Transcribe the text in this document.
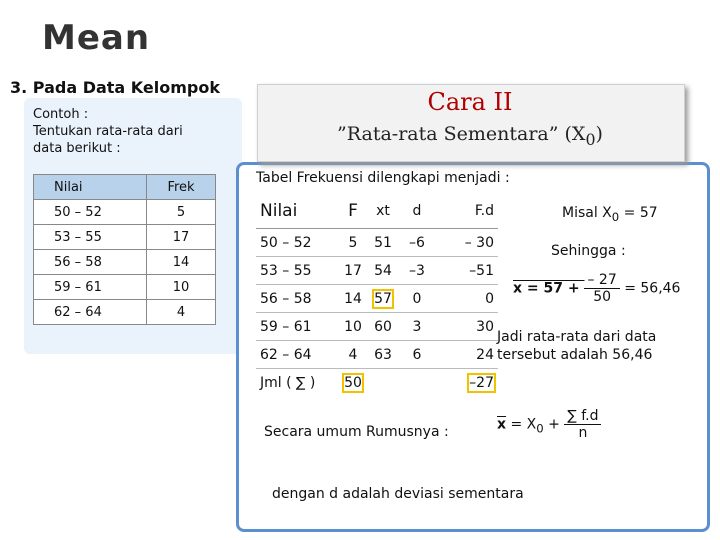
Mean
3. Pada Data Kelompok
Contoh :
Tentukan rata-rata dari
data berikut :
Nilai	Frek
50 – 52	5
53 – 55	17
56 – 58	14
59 – 61	10
62 – 64	4
Cara II
”Rata-rata Sementara” $(X_0)$
Tabel Frekuensi dilengkapi menjadi :
Nilai	F	xt	d	F.d
50 – 52	5	51	–6	– 30
53 – 55	17	54	–3	–51
56 – 58	14	57	0	0
59 – 61	10	60	3	30
62 – 64	4	63	6	24
Jml ( ∑ )	50			–27
Misal $X_0 = 57$
Sehingga :
$x = 57 + \frac{- 27}{50} = 56,46$
Jadi rata-rata dari data tersebut adalah 56,46
Secara umum Rumusnya :	$\overline{x} = X_0 + \frac{\sum f.d}{n}$
dengan d adalah deviasi sementara
